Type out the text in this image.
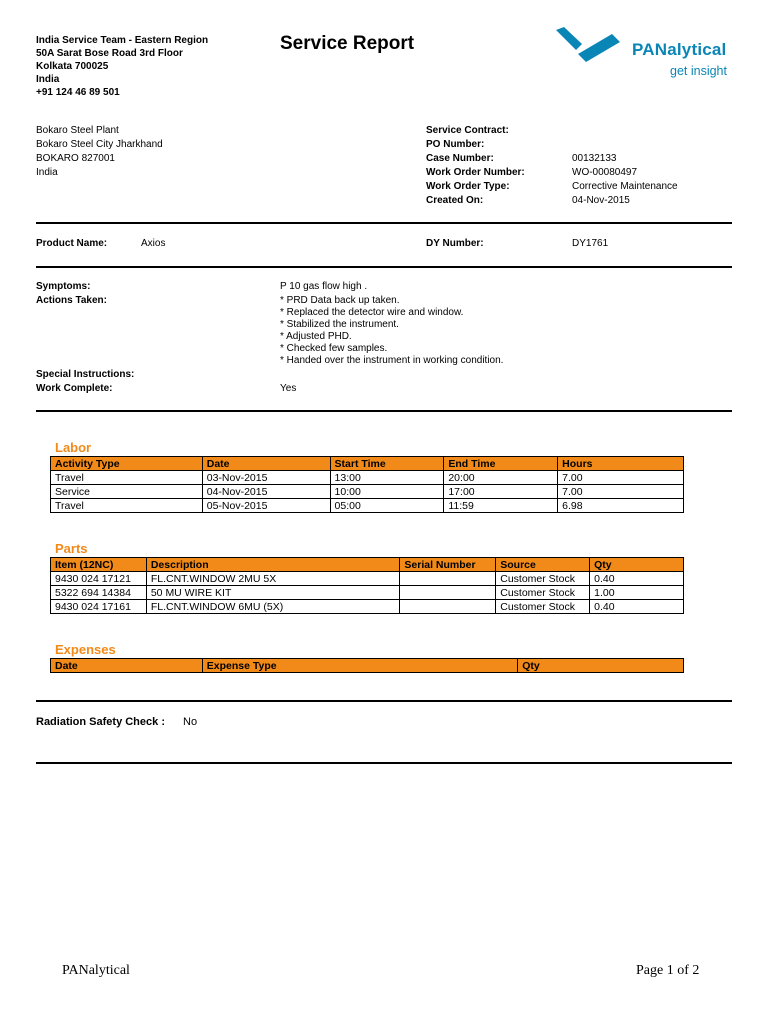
India Service Team - Eastern Region
50A Sarat Bose Road 3rd Floor
Kolkata 700025
India
+91 124 46 89 501
Service Report	PANalytical
get insight
Bokaro Steel Plant
Bokaro Steel City Jharkhand
BOKARO 827001
India
Service Contract:
PO Number:
Case Number:	00132133
Work Order Number:	WO-00080497
Work Order Type:	Corrective Maintenance
Created On:	04-Nov-2015
Product Name:	Axios	DY Number:	DY1761
Symptoms:	P 10 gas flow high .
Actions Taken:	* PRD Data back up taken.
* Replaced the detector wire and window.
* Stabilized the instrument.
* Adjusted PHD.
* Checked few samples.
* Handed over the instrument in working condition.
Special Instructions:
Work Complete:	Yes
Labor
Activity Type	Date	Start Time	End Time	Hours
Travel	03-Nov-2015	13:00	20:00	7.00
Service	04-Nov-2015	10:00	17:00	7.00
Travel	05-Nov-2015	05:00	11:59	6.98
Parts
Item (12NC)	Description	Serial Number	Source	Qty
9430 024 17121	FL.CNT.WINDOW 2MU 5X		Customer Stock	0.40
5322 694 14384	50 MU WIRE KIT		Customer Stock	1.00
9430 024 17161	FL.CNT.WINDOW 6MU (5X)		Customer Stock	0.40
Expenses
Date	Expense Type	Qty
Radiation Safety Check : No
PANalytical	Page 1 of 2
